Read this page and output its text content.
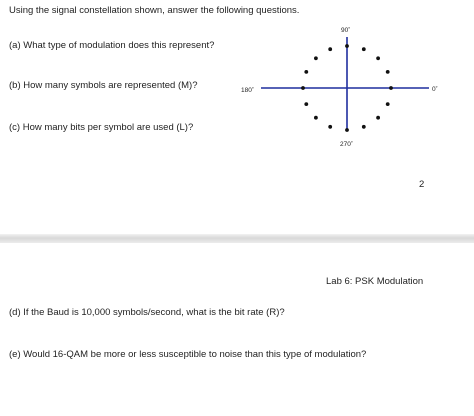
Using the signal constellation shown, answer the following questions.
(a) What type of modulation does this represent?
(b) How many symbols are represented (M)?
(c) How many bits per symbol are used (L)?
90˚
180˚	0˚
270˚
2
Lab 6: PSK Modulation
(d) If the Baud is 10,000 symbols/second, what is the bit rate (R)?
(e) Would 16-QAM be more or less susceptible to noise than this type of modulation?
